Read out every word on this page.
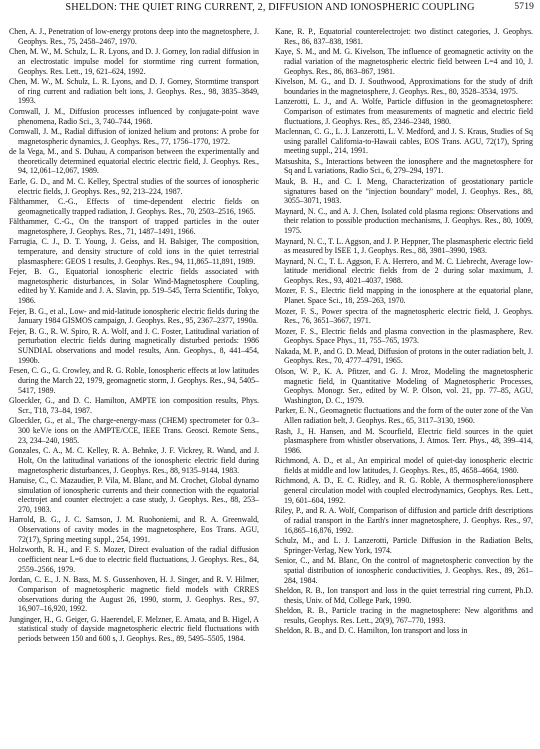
SHELDON: THE QUIET RING CURRENT, 2, DIFFUSION AND IONOSPHERIC COUPLING	5719

Chen, A. J., Penetration of low-energy protons deep into the magnetosphere, J. Geophys. Res., 75, 2458–2467, 1970.

Chen, M. W., M. Schulz, L. R. Lyons, and D. J. Gorney, Ion radial diffusion in an electrostatic impulse model for stormtime ring current formation, Geophys. Res. Lett., 19, 621–624, 1992.

Chen, M. W., M. Schulz, L. R. Lyons, and D. J. Gorney, Stormtime transport of ring current and radiation belt ions, J. Geophys. Res., 98, 3835–3849, 1993.

Cornwall, J. M., Diffusion processes influenced by conjugate-point wave phenomena, Radio Sci., 3, 740–744, 1968.

Cornwall, J. M., Radial diffusion of ionized helium and protons: A probe for magnetospheric dynamics, J. Geophys. Res., 77, 1756–1770, 1972.

de la Vega, M., and S. Duhau, A comparison between the experimentally and theoretically determined equatorial electric electric field, J. Geophys. Res., 94, 12,061–12,067, 1989.

Earle, G. D., and M. C. Kelley, Spectral studies of the sources of ionospheric electric fields, J. Geophys. Res., 92, 213–224, 1987.

Fälthammer, C.-G., Effects of time-dependent electric fields on geomagnetically trapped radiation, J. Geophys. Res., 70, 2503–2516, 1965.

Fälthammer, C.-G., On the transport of trapped particles in the outer magnetosphere, J. Geophys. Res., 71, 1487–1491, 1966.

Farrugia, C. J., D. T. Young, J. Geiss, and H. Balsiger, The composition, temperature, and density structure of cold ions in the quiet terrestrial plasmasphere: GEOS 1 results, J. Geophys. Res., 94, 11,865–11,891, 1989.

Fejer, B. G., Equatorial ionospheric electric fields associated with magnetospheric disturbances, in Solar Wind-Magnetosphere Coupling, edited by Y. Kamide and J. A. Slavin, pp. 519–545, Terra Scientific, Tokyo, 1986.

Fejer, B. G., et al., Low- and mid-latitude ionospheric electric fields during the January 1984 GISMOS campaign, J. Geophys. Res., 95, 2367–2377, 1990a.

Fejer, B. G., R. W. Spiro, R. A. Wolf, and J. C. Foster, Latitudinal variation of perturbation electric fields during magnetically disturbed periods: 1986 SUNDIAL observations and model results, Ann. Geophys., 8, 441–454, 1990b.

Fesen, C. G., G. Crowley, and R. G. Roble, Ionospheric effects at low latitudes during the March 22, 1979, geomagnetic storm, J. Geophys. Res., 94, 5405–5417, 1989.

Gloeckler, G., and D. C. Hamilton, AMPTE ion composition results, Phys. Scr., T18, 73–84, 1987.

Gloeckler, G., et al., The charge-energy-mass (CHEM) spectrometer for 0.3–300 keV/e ions on the AMPTE/CCE, IEEE Trans. Geosci. Remote Sens., 23, 234–240, 1985.

Gonzales, C. A., M. C. Kelley, R. A. Behnke, J. F. Vickrey, R. Wand, and J. Holt, On the latitudinal variations of the ionospheric electric field during magnetospheric disturbances, J. Geophys. Res., 88, 9135–9144, 1983.

Hanuise, C., C. Mazaudier, P. Vila, M. Blanc, and M. Crochet, Global dynamo simulation of ionospheric currents and their connection with the equatorial electrojet and counter electrojet: a case study, J. Geophys. Res., 88, 253–270, 1983.

Harrold, B. G., J. C. Samson, J. M. Ruohoniemi, and R. A. Greenwald, Observations of cavity modes in the magnetosphere, Eos Trans. AGU, 72(17), Spring meeting suppl., 254, 1991.

Holzworth, R. H., and F. S. Mozer, Direct evaluation of the radial diffusion coefficient near L=6 due to electric field fluctuations, J. Geophys. Res., 84, 2559–2566, 1979.

Jordan, C. E., J. N. Bass, M. S. Gussenhoven, H. J. Singer, and R. V. Hilmer, Comparison of magnetospheric magnetic field models with CRRES observations during the August 26, 1990, storm, J. Geophys. Res., 97, 16,907–16,920, 1992.

Junginger, H., G. Geiger, G. Haerendel, F. Melzner, E. Amata, and B. Higel, A statistical study of dayside magnetospheric electric field fluctuations with periods between 150 and 600 s, J. Geophys. Res., 89, 5495–5505, 1984.

Kane, R. P., Equatorial counterelectrojet: two distinct categories, J. Geophys. Res., 86, 837–838, 1981.

Kaye, S. M., and M. G. Kivelson, The influence of geomagnetic activity on the radial variation of the magnetospheric electric field between L=4 and 10, J. Geophys. Res., 86, 863–867, 1981.

Kivelson, M. G., and D. J. Southwood, Approximations for the study of drift boundaries in the magnetosphere, J. Geophys. Res., 80, 3528–3534, 1975.

Lanzerotti, L. J., and A. Wolfe, Particle diffusion in the geomagnetosphere: Comparison of estimates from measurements of magnetic and electric field fluctuations, J. Geophys. Res., 85, 2346–2348, 1980.

Maclennan, C. G., L. J. Lanzerotti, L. V. Medford, and J. S. Kraus, Studies of Sq using parallel California-to-Hawaii cables, EOS Trans. AGU, 72(17), Spring meeting suppl., 214, 1991.

Matsushita, S., Interactions between the ionosphere and the magnetosphere for Sq and L variations, Radio Sci., 6, 279–294, 1971.

Mauk, B. H., and C. I. Meng, Characterization of geostationary particle signatures based on the "injection boundary" model, J. Geophys. Res., 88, 3055–3071, 1983.

Maynard, N. C., and A. J. Chen, Isolated cold plasma regions: Observations and their relation to possible production mechanisms, J. Geophys. Res., 80, 1009, 1975.

Maynard, N. C., T. L. Aggson, and J. P. Heppner, The plasmaspheric electric field as measured by ISEE 1, J. Geophys. Res., 88, 3981–3990, 1983.

Maynard, N. C., T. L. Aggson, F. A. Herrero, and M. C. Liebrecht, Average low-latitude meridional electric fields from de 2 during solar maximum, J. Geophys. Res., 93, 4021–4037, 1988.

Mozer, F. S., Electric field mapping in the ionosphere at the equatorial plane, Planet. Space Sci., 18, 259–263, 1970.

Mozer, F. S., Power spectra of the magnetospheric electric field, J. Geophys. Res., 76, 3651–3667, 1971.

Mozer, F. S., Electric fields and plasma convection in the plasmasphere, Rev. Geophys. Space Phys., 11, 755–765, 1973.

Nakada, M. P., and G. D. Mead, Diffusion of protons in the outer radiation belt, J. Geophys. Res., 70, 4777–4791, 1965.

Olson, W. P., K. A. Pfitzer, and G. J. Mroz, Modeling the magnetospheric magnetic field, in Quantitative Modeling of Magnetospheric Processes, Geophys. Monogr. Ser., edited by W. P. Olson, vol. 21, pp. 77–85, AGU, Washington, D. C., 1979.

Parker, E. N., Geomagnetic fluctuations and the form of the outer zone of the Van Allen radiation belt, J. Geophys. Res., 65, 3117–3130, 1960.

Rash, J., H. Hansen, and M. Scourfield, Electric field sources in the quiet plasmasphere from whistler observations, J. Atmos. Terr. Phys., 48, 399–414, 1986.

Richmond, A. D., et al., An empirical model of quiet-day ionospheric electric fields at middle and low latitudes, J. Geophys. Res., 85, 4658–4664, 1980.

Richmond, A. D., E. C. Ridley, and R. G. Roble, A thermosphere/ionosphere general circulation model with coupled electrodynamics, Geophys. Res. Lett., 19, 601–604, 1992.

Riley, P., and R. A. Wolf, Comparison of diffusion and particle drift descriptions of radial transport in the Earth's inner magnetosphere, J. Geophys. Res., 97, 16,865–16,876, 1992.

Schulz, M., and L. J. Lanzerotti, Particle Diffusion in the Radiation Belts, Springer-Verlag, New York, 1974.

Senior, C., and M. Blanc, On the control of magnetospheric convection by the spatial distribution of ionospheric conductivities, J. Geophys. Res., 89, 261–284, 1984.

Sheldon, R. B., Ion transport and loss in the quiet terrestrial ring current, Ph.D. thesis, Univ. of Md, College Park, 1990.

Sheldon, R. B., Particle tracing in the magnetosphere: New algorithms and results, Geophys. Res. Lett., 20(9), 767–770, 1993.

Sheldon, R. B., and D. C. Hamilton, Ion transport and loss in
